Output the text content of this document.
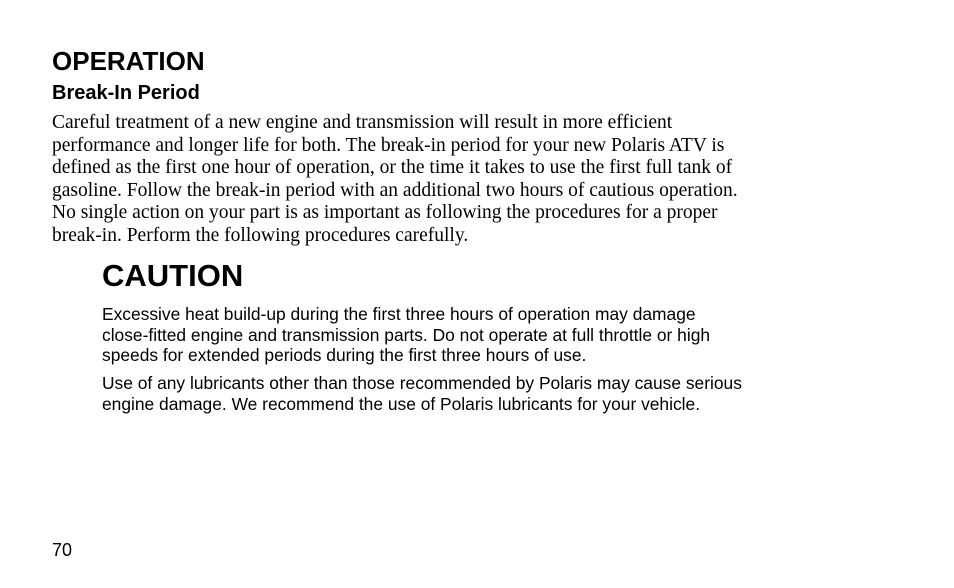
OPERATION
Break-In Period

Careful treatment of a new engine and transmission will result in more efficient
performance and longer life for both. The break-in period for your new Polaris ATV is
defined as the first one hour of operation, or the time it takes to use the first full tank of
gasoline. Follow the break-in period with an additional two hours of cautious operation.
No single action on your part is as important as following the procedures for a proper
break-in. Perform the following procedures carefully.

CAUTION

Excessive heat build-up during the first three hours of operation may damage
close-fitted engine and transmission parts. Do not operate at full throttle or high
speeds for extended periods during the first three hours of use.

Use of any lubricants other than those recommended by Polaris may cause serious
engine damage. We recommend the use of Polaris lubricants for your vehicle.

70
